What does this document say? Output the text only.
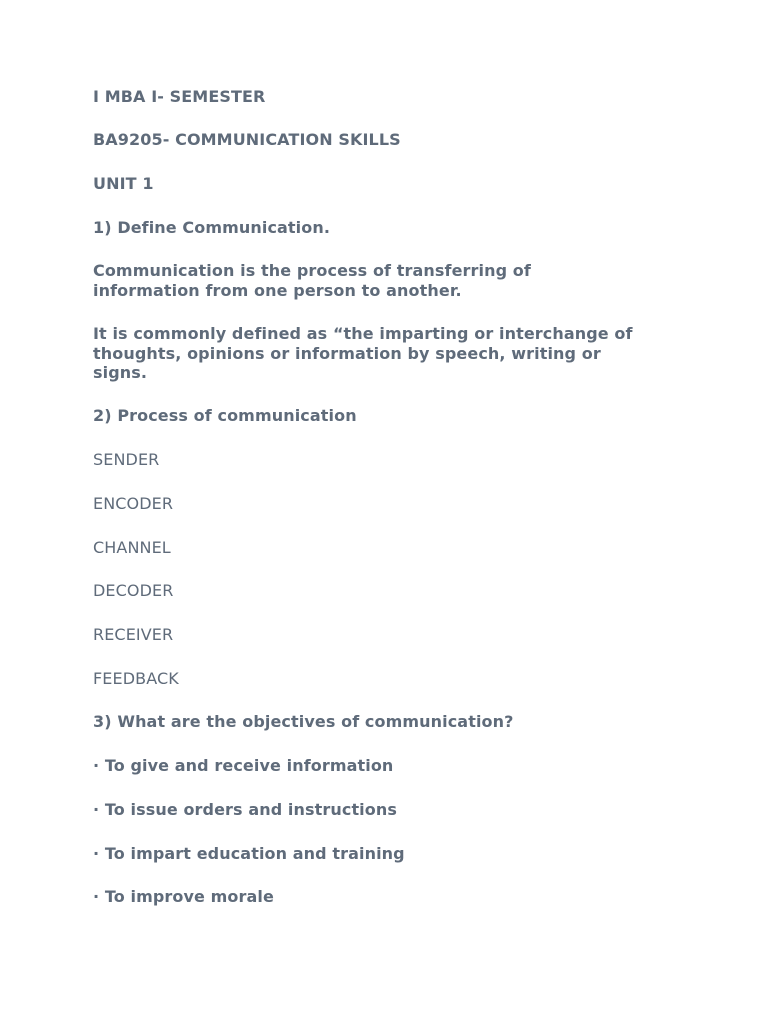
I MBA I- SEMESTER

BA9205- COMMUNICATION SKILLS

UNIT 1

1) Define Communication.

Communication is the process of transferring of

information from one person to another.

It is commonly defined as “the imparting or interchange of

thoughts, opinions or information by speech, writing or

signs.

2) Process of communication

SENDER

ENCODER

CHANNEL

DECODER

RECEIVER

FEEDBACK

3) What are the objectives of communication?

· To give and receive information

· To issue orders and instructions

· To impart education and training

· To improve morale
